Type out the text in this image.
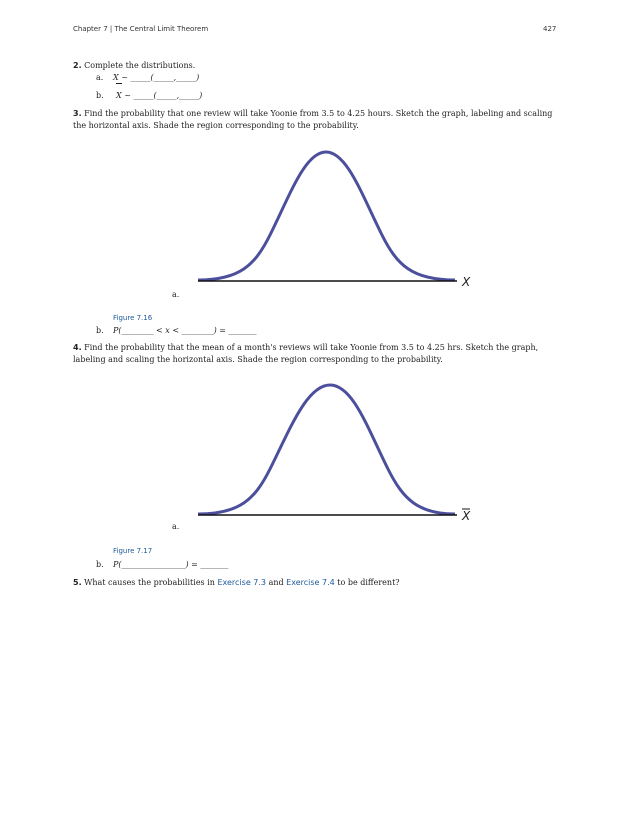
Chapter 7 | The Central Limit Theorem	427
2. Complete the distributions.
a. X ~ _____(_____,_____)
b. X ~ _____(_____,_____)
3. Find the probability that one review will take Yoonie from 3.5 to 4.25 hours. Sketch the graph, labeling and scaling the horizontal axis. Shade the region corresponding to the probability.
X
a.
Figure 7.16
b. P(________ < x < ________) = _______
4. Find the probability that the mean of a month's reviews will take Yoonie from 3.5 to 4.25 hrs. Sketch the graph, labeling and scaling the horizontal axis. Shade the region corresponding to the probability.
X
a.
Figure 7.17
b. P(________________) = _______
5. What causes the probabilities in Exercise 7.3 and Exercise 7.4 to be different?
